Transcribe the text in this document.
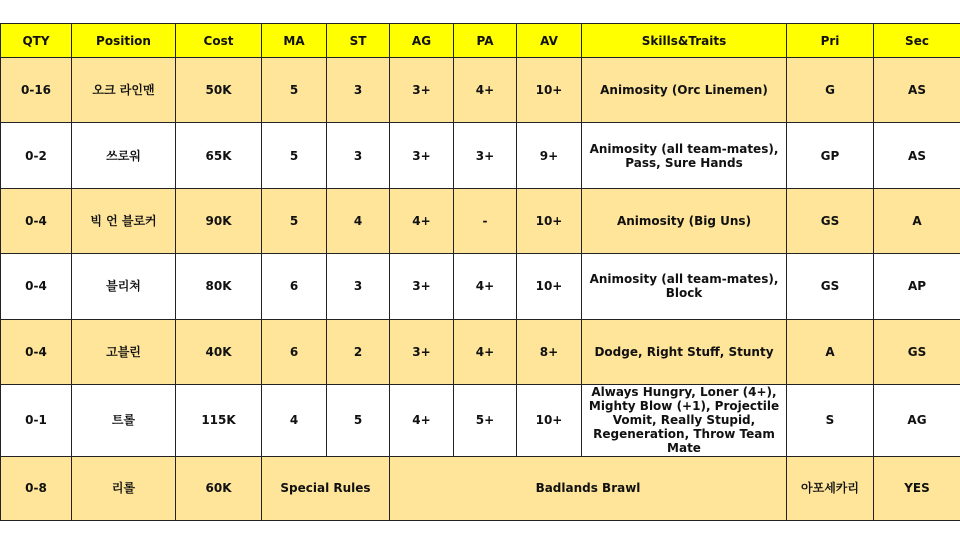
QTY	Position	Cost	MA	ST	AG	PA	AV	Skills&Traits	Pri	Sec
0-16	오크 라인맨	50K	5	3	3+	4+	10+	Animosity (Orc Linemen)	G	AS
0-2	쓰로워	65K	5	3	3+	3+	9+	Animosity (all team-mates),
Pass, Sure Hands	GP	AS
0-4	빅 언 블로커	90K	5	4	4+	-	10+	Animosity (Big Uns)	GS	A
0-4	블리쳐	80K	6	3	3+	4+	10+	Animosity (all team-mates), Block	GS	AP
0-4	고블린	40K	6	2	3+	4+	8+	Dodge, Right Stuff, Stunty	A	GS
0-1	트롤	115K	4	5	4+	5+	10+	Always Hungry, Loner (4+),
Mighty Blow (+1), Projectile
Vomit, Really Stupid,
Regeneration, Throw Team Mate	S	AG
0-8	리롤	60K	Special Rules		Badlands Brawl				아포세카리	YES
